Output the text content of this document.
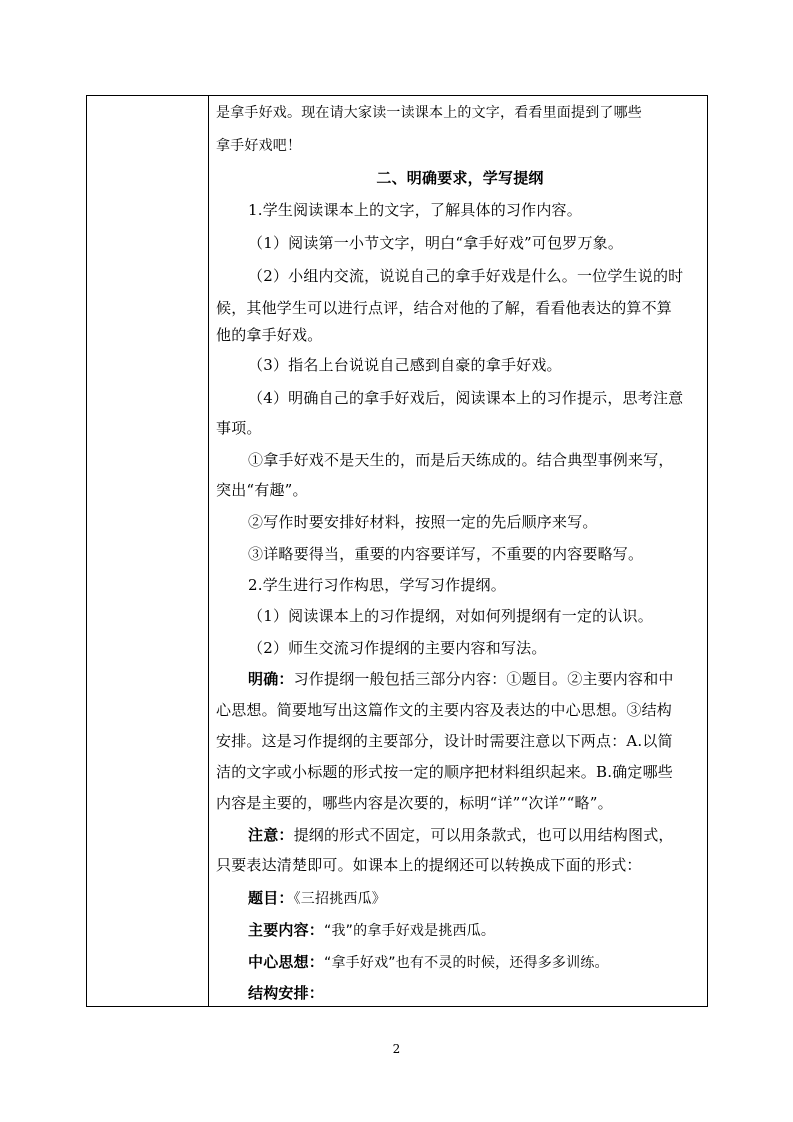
是拿手好戏。现在请大家读一读课本上的文字，看看里面提到了哪些
拿手好戏吧！
二、明确要求，学写提纲
1.学生阅读课本上的文字，了解具体的习作内容。
（1）阅读第一小节文字，明白“拿手好戏”可包罗万象。
（2）小组内交流，说说自己的拿手好戏是什么。一位学生说的时
候，其他学生可以进行点评，结合对他的了解，看看他表达的算不算
他的拿手好戏。
（3）指名上台说说自己感到自豪的拿手好戏。
（4）明确自己的拿手好戏后，阅读课本上的习作提示，思考注意
事项。
①拿手好戏不是天生的，而是后天练成的。结合典型事例来写，
突出“有趣”。
②写作时要安排好材料，按照一定的先后顺序来写。
③详略要得当，重要的内容要详写，不重要的内容要略写。
2.学生进行习作构思，学写习作提纲。
（1）阅读课本上的习作提纲，对如何列提纲有一定的认识。
（2）师生交流习作提纲的主要内容和写法。
明确：习作提纲一般包括三部分内容：①题目。②主要内容和中
心思想。简要地写出这篇作文的主要内容及表达的中心思想。③结构
安排。这是习作提纲的主要部分，设计时需要注意以下两点：A.以简
洁的文字或小标题的形式按一定的顺序把材料组织起来。B.确定哪些
内容是主要的，哪些内容是次要的，标明“详”“次详”“略”。
注意：提纲的形式不固定，可以用条款式，也可以用结构图式，
只要表达清楚即可。如课本上的提纲还可以转换成下面的形式：
题目：《三招挑西瓜》
主要内容：“我”的拿手好戏是挑西瓜。
中心思想：“拿手好戏”也有不灵的时候，还得多多训练。
结构安排：
2
